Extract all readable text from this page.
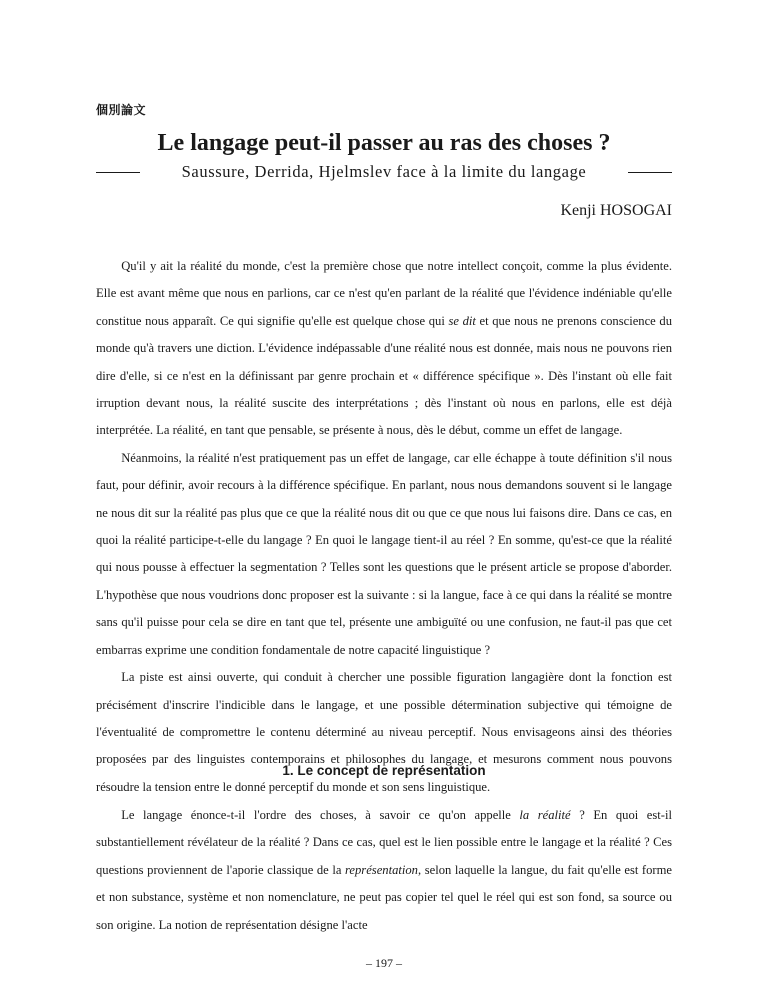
個別論文
Le langage peut-il passer au ras des choses ?
Saussure, Derrida, Hjelmslev face à la limite du langage
Kenji HOSOGAI

Qu'il y ait la réalité du monde, c'est la première chose que notre intellect conçoit, comme la plus évidente. Elle est avant même que nous en parlions, car ce n'est qu'en parlant de la réalité que l'évidence indéniable qu'elle constitue nous apparaît. Ce qui signifie qu'elle est quelque chose qui se dit et que nous ne prenons conscience du monde qu'à travers une diction. L'évidence indépassable d'une réalité nous est donnée, mais nous ne pouvons rien dire d'elle, si ce n'est en la définissant par genre prochain et « différence spécifique ». Dès l'instant où elle fait irruption devant nous, la réalité suscite des interprétations ; dès l'instant où nous en parlons, elle est déjà interprétée. La réalité, en tant que pensable, se présente à nous, dès le début, comme un effet de langage.

Néanmoins, la réalité n'est pratiquement pas un effet de langage, car elle échappe à toute définition s'il nous faut, pour définir, avoir recours à la différence spécifique. En parlant, nous nous demandons souvent si le langage ne nous dit sur la réalité pas plus que ce que la réalité nous dit ou que ce que nous lui faisons dire. Dans ce cas, en quoi la réalité participe-t-elle du langage ? En quoi le langage tient-il au réel ? En somme, qu'est-ce que la réalité qui nous pousse à effectuer la segmentation ? Telles sont les questions que le présent article se propose d'aborder. L'hypothèse que nous voudrions donc proposer est la suivante : si la langue, face à ce qui dans la réalité se montre sans qu'il puisse pour cela se dire en tant que tel, présente une ambiguïté ou une confusion, ne faut-il pas que cet embarras exprime une condition fondamentale de notre capacité linguistique ?

La piste est ainsi ouverte, qui conduit à chercher une possible figuration langagière dont la fonction est précisément d'inscrire l'indicible dans le langage, et une possible détermination subjective qui témoigne de l'éventualité de compromettre le contenu déterminé au niveau perceptif. Nous envisageons ainsi des théories proposées par des linguistes contemporains et philosophes du langage, et mesurons comment nous pouvons résoudre la tension entre le donné perceptif du monde et son sens linguistique.

1. Le concept de représentation

Le langage énonce-t-il l'ordre des choses, à savoir ce qu'on appelle la réalité ? En quoi est-il substantiellement révélateur de la réalité ? Dans ce cas, quel est le lien possible entre le langage et la réalité ? Ces questions proviennent de l'aporie classique de la représentation, selon laquelle la langue, du fait qu'elle est forme et non substance, système et non nomenclature, ne peut pas copier tel quel le réel qui est son fond, sa source ou son origine. La notion de représentation désigne l'acte

– 197 –
